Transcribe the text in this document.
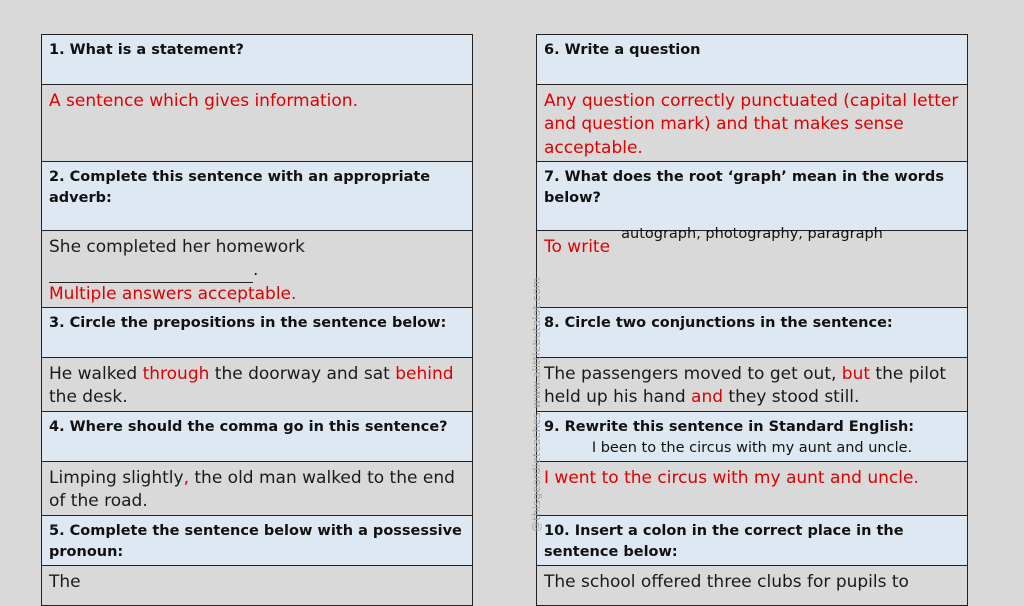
1. What is a statement?
A sentence which gives information.
2. Complete this sentence with an appropriate adverb:
She completed her homework
.
Multiple answers acceptable.
3. Circle the prepositions in the sentence below:
He walked through the doorway and sat behind the desk.
4. Where should the comma go in this sentence?
Limping slightly, the old man walked to the end of the road.
5. Complete the sentence below with a possessive pronoun:
The
6. Write a question
Any question correctly punctuated (capital letter and question mark) and that makes sense acceptable.
7. What does the root ‘graph’ mean in the words below?
autograph, photography, paragraph
To write
8. Circle two conjunctions in the sentence:
The passengers moved to get out, but the pilot held up his hand and they stood still.
9. Rewrite this sentence in Standard English:
I been to the circus with my aunt and uncle.
I went to the circus with my aunt and uncle.
10. Insert a colon in the correct place in the sentence below:
The school offered three clubs for pupils to
@thisgeordieteaches www.alittlebutalot.com
